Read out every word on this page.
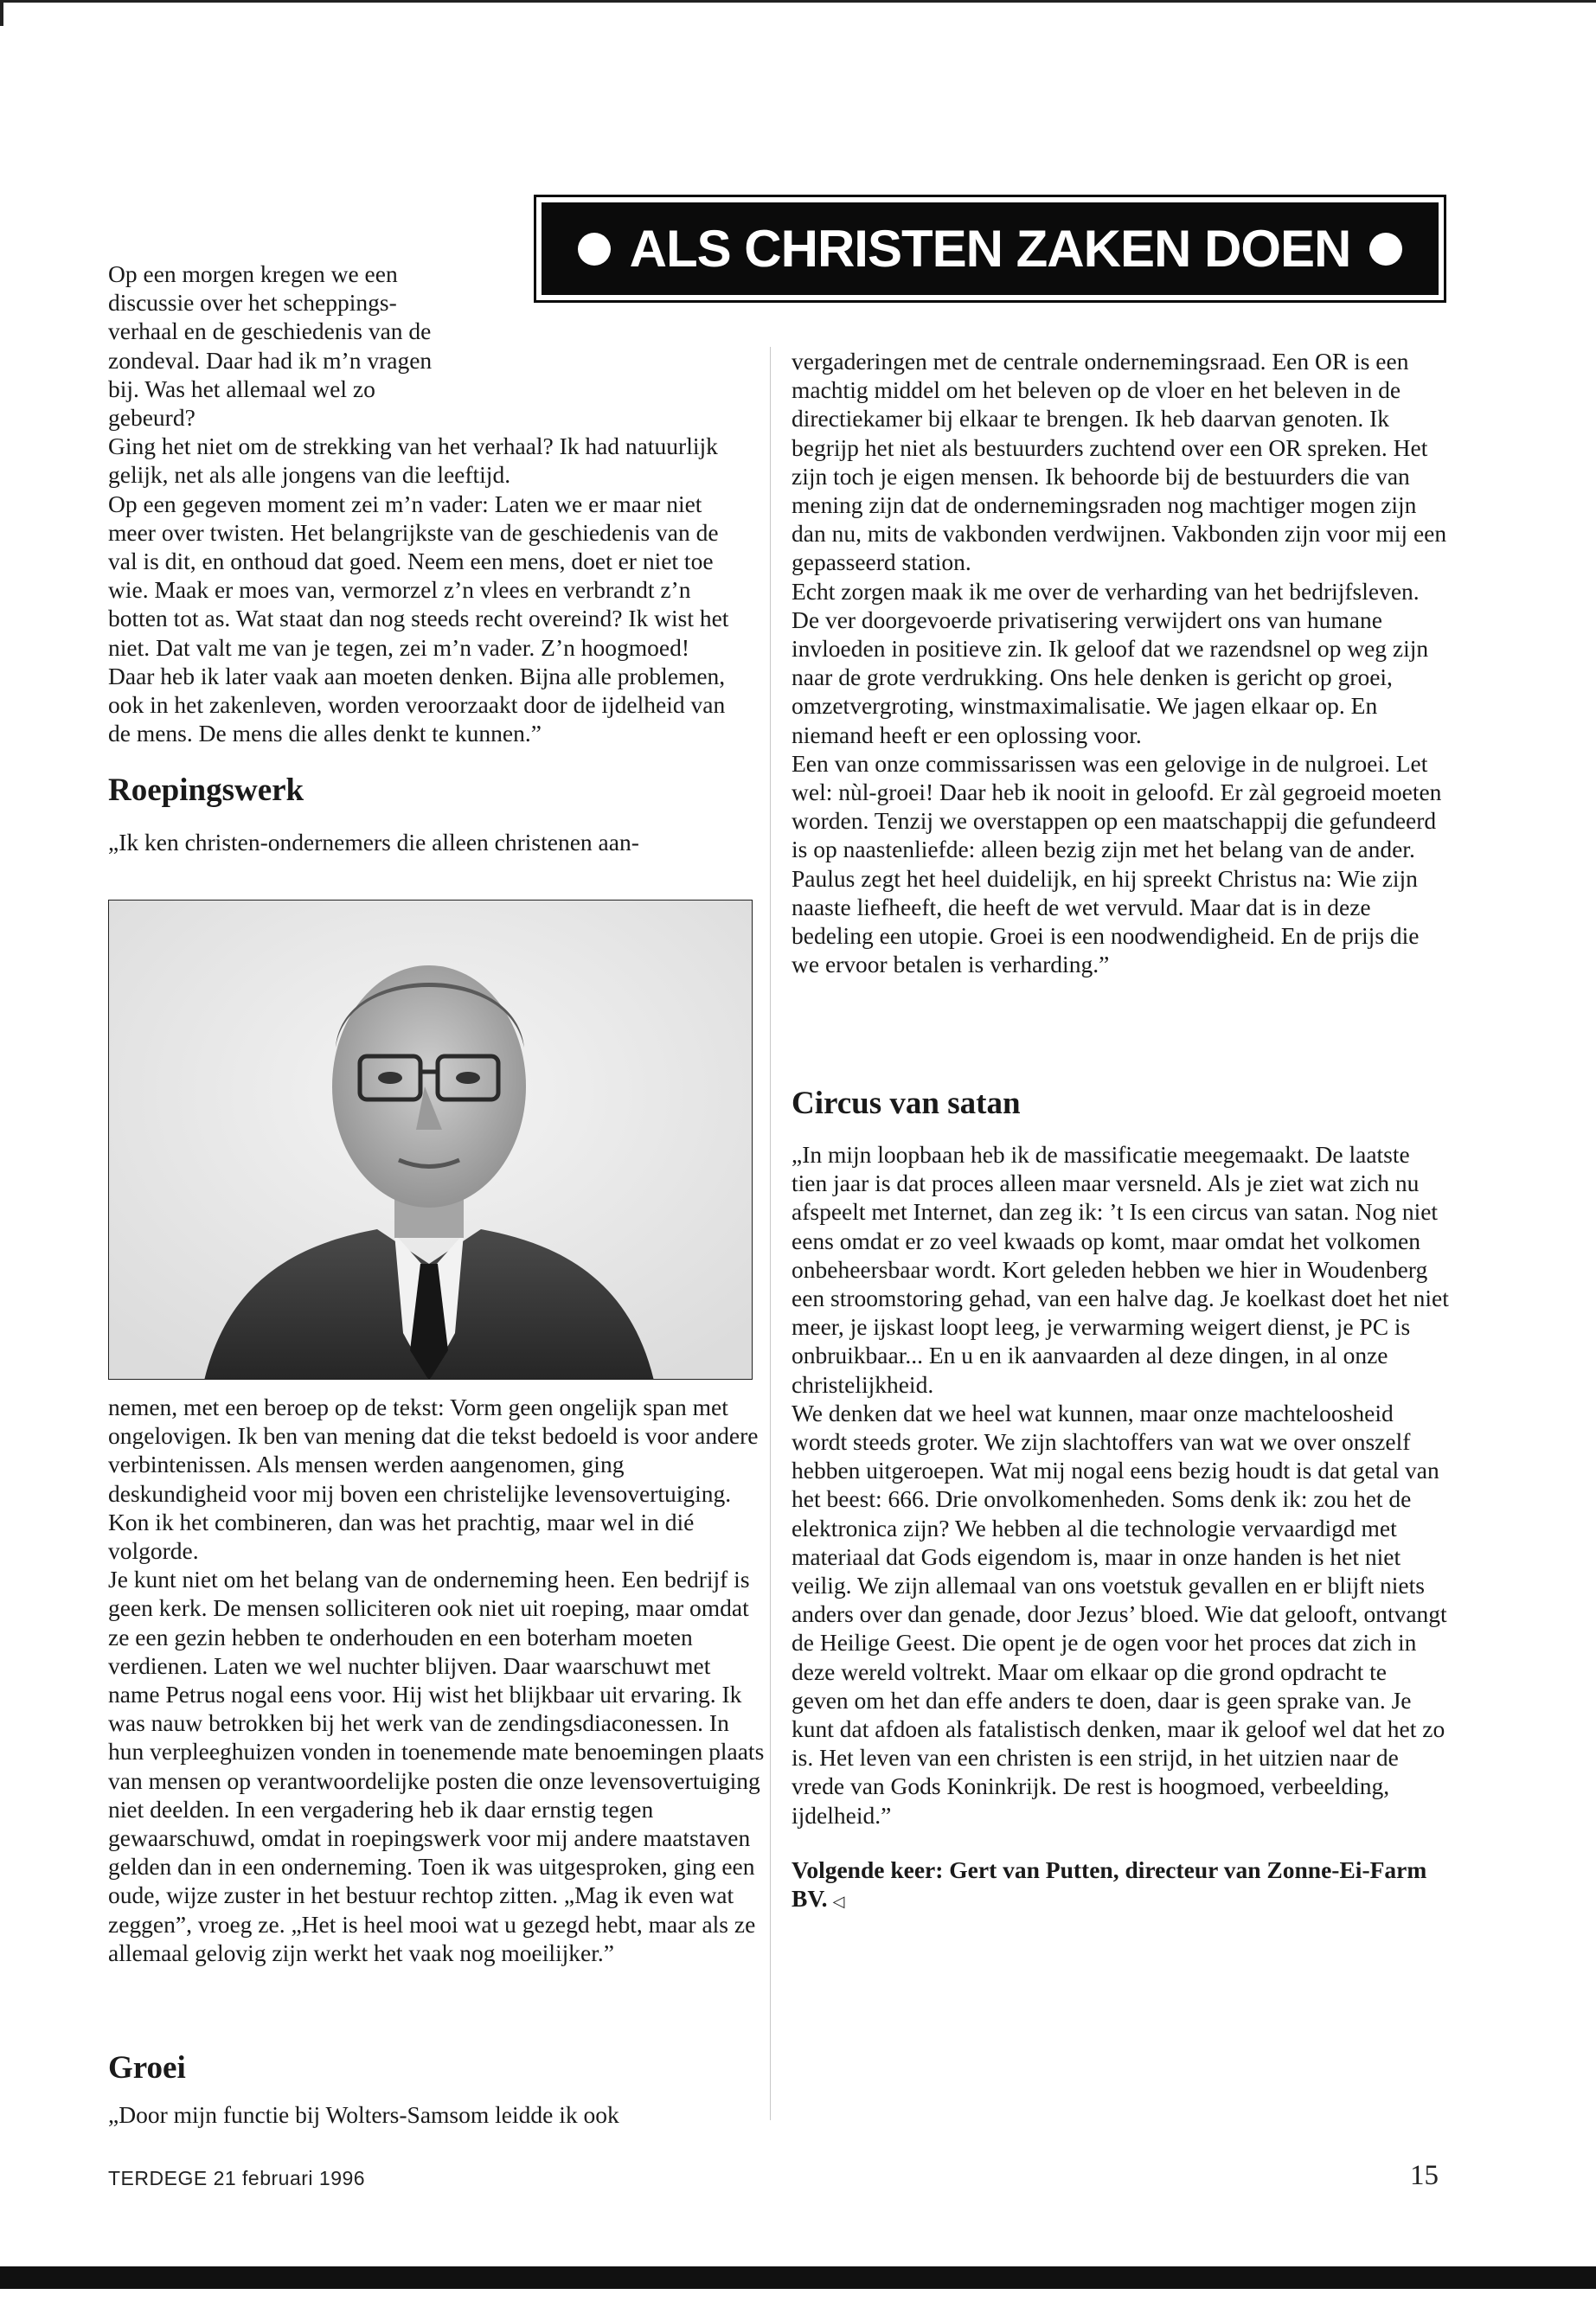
ALS CHRISTEN ZAKEN DOEN

Op een morgen kregen we een discussie over het scheppings-verhaal en de geschiedenis van de zondeval. Daar had ik m’n vragen bij. Was het allemaal wel zo gebeurd?

Ging het niet om de strekking van het verhaal? Ik had natuurlijk gelijk, net als alle jongens van die leeftijd.

Op een gegeven moment zei m’n vader: Laten we er maar niet meer over twisten. Het belangrijkste van de geschiedenis van de val is dit, en onthoud dat goed. Neem een mens, doet er niet toe wie. Maak er moes van, vermorzel z’n vlees en verbrandt z’n botten tot as. Wat staat dan nog steeds recht overeind? Ik wist het niet. Dat valt me van je tegen, zei m’n vader. Z’n hoogmoed! Daar heb ik later vaak aan moeten denken. Bijna alle problemen, ook in het zakenleven, worden veroorzaakt door de ijdelheid van de mens. De mens die alles denkt te kunnen.”

Roepingswerk

„Ik ken christen-ondernemers die alleen christenen aan-

nemen, met een beroep op de tekst: Vorm geen ongelijk span met ongelovigen. Ik ben van mening dat die tekst bedoeld is voor andere verbintenissen. Als mensen werden aangenomen, ging deskundigheid voor mij boven een christelijke levensovertuiging. Kon ik het combineren, dan was het prachtig, maar wel in dié volgorde.

Je kunt niet om het belang van de onderneming heen. Een bedrijf is geen kerk. De mensen solliciteren ook niet uit roeping, maar omdat ze een gezin hebben te onderhouden en een boterham moeten verdienen. Laten we wel nuchter blijven. Daar waarschuwt met name Petrus nogal eens voor. Hij wist het blijkbaar uit ervaring. Ik was nauw betrokken bij het werk van de zendingsdiaconessen. In hun verpleeghuizen vonden in toenemende mate benoemingen plaats van mensen op verantwoordelijke posten die onze levensovertuiging niet deelden. In een vergadering heb ik daar ernstig tegen gewaarschuwd, omdat in roepingswerk voor mij andere maatstaven gelden dan in een onderneming. Toen ik was uitgesproken, ging een oude, wijze zuster in het bestuur rechtop zitten. „Mag ik even wat zeggen”, vroeg ze. „Het is heel mooi wat u gezegd hebt, maar als ze allemaal gelovig zijn werkt het vaak nog moeilijker.”

Groei

„Door mijn functie bij Wolters-Samsom leidde ik ook

vergaderingen met de centrale ondernemingsraad. Een OR is een machtig middel om het beleven op de vloer en het beleven in de directiekamer bij elkaar te brengen. Ik heb daarvan genoten. Ik begrijp het niet als bestuurders zuchtend over een OR spreken. Het zijn toch je eigen mensen. Ik behoorde bij de bestuurders die van mening zijn dat de ondernemingsraden nog machtiger mogen zijn dan nu, mits de vakbonden verdwijnen. Vakbonden zijn voor mij een gepasseerd station.

Echt zorgen maak ik me over de verharding van het bedrijfsleven. De ver doorgevoerde privatisering verwijdert ons van humane invloeden in positieve zin. Ik geloof dat we razendsnel op weg zijn naar de grote verdrukking. Ons hele denken is gericht op groei, omzetvergroting, winstmaximalisatie. We jagen elkaar op. En niemand heeft er een oplossing voor.

Een van onze commissarissen was een gelovige in de nulgroei. Let wel: nùl-groei! Daar heb ik nooit in geloofd. Er zàl gegroeid moeten worden. Tenzij we overstappen op een maatschappij die gefundeerd is op naastenliefde: alleen bezig zijn met het belang van de ander. Paulus zegt het heel duidelijk, en hij spreekt Christus na: Wie zijn naaste liefheeft, die heeft de wet vervuld. Maar dat is in deze bedeling een utopie. Groei is een noodwendigheid. En de prijs die we ervoor betalen is verharding.”

Circus van satan

„In mijn loopbaan heb ik de massificatie meegemaakt. De laatste tien jaar is dat proces alleen maar versneld. Als je ziet wat zich nu afspeelt met Internet, dan zeg ik: ’t Is een circus van satan. Nog niet eens omdat er zo veel kwaads op komt, maar omdat het volkomen onbeheersbaar wordt. Kort geleden hebben we hier in Woudenberg een stroomstoring gehad, van een halve dag. Je koelkast doet het niet meer, je ijskast loopt leeg, je verwarming weigert dienst, je PC is onbruikbaar... En u en ik aanvaarden al deze dingen, in al onze christelijkheid.

We denken dat we heel wat kunnen, maar onze machteloosheid wordt steeds groter. We zijn slachtoffers van wat we over onszelf hebben uitgeroepen. Wat mij nogal eens bezig houdt is dat getal van het beest: 666. Drie onvolkomenheden. Soms denk ik: zou het de elektronica zijn? We hebben al die technologie vervaardigd met materiaal dat Gods eigendom is, maar in onze handen is het niet veilig. We zijn allemaal van ons voetstuk gevallen en er blijft niets anders over dan genade, door Jezus’ bloed. Wie dat gelooft, ontvangt de Heilige Geest. Die opent je de ogen voor het proces dat zich in deze wereld voltrekt. Maar om elkaar op die grond opdracht te geven om het dan effe anders te doen, daar is geen sprake van. Je kunt dat afdoen als fatalistisch denken, maar ik geloof wel dat het zo is. Het leven van een christen is een strijd, in het uitzien naar de vrede van Gods Koninkrijk. De rest is hoogmoed, verbeelding, ijdelheid.”

Volgende keer: Gert van Putten, directeur van Zonne-Ei-Farm BV. ◁

TERDEGE 21 februari 1996	15
